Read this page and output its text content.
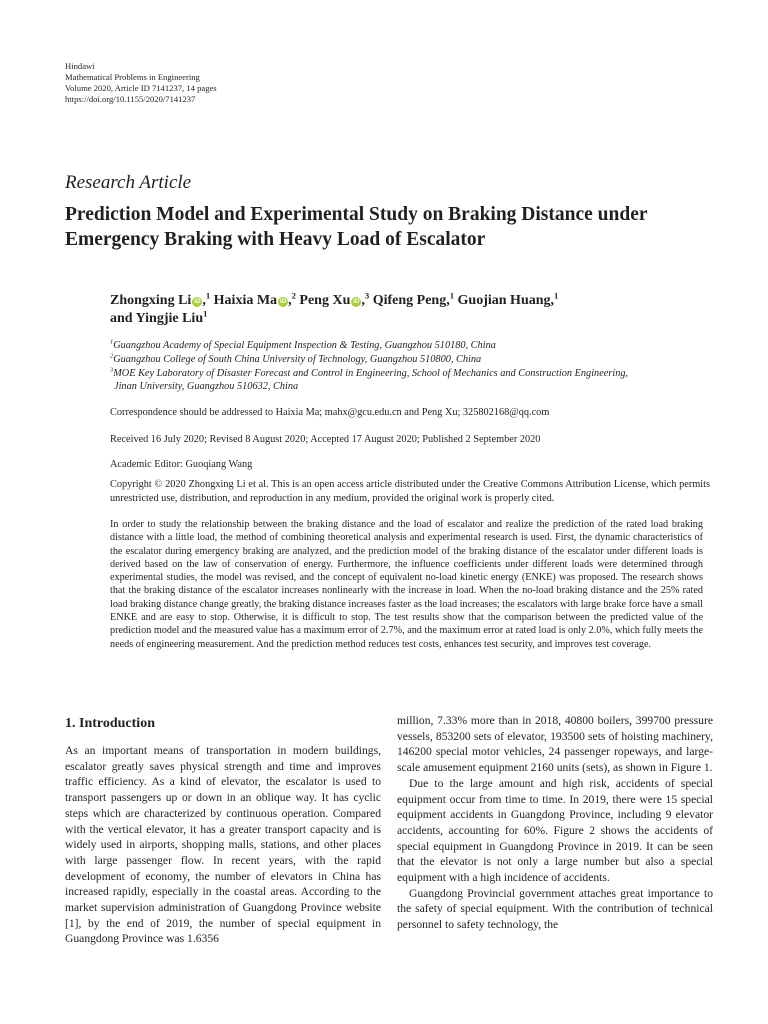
Hindawi
Mathematical Problems in Engineering
Volume 2020, Article ID 7141237, 14 pages
https://doi.org/10.1155/2020/7141237
Research Article
Prediction Model and Experimental Study on Braking Distance under Emergency Braking with Heavy Load of Escalator
Zhongxing Li iD ,$^1$ Haixia Ma iD ,$^2$ Peng Xu iD ,$^3$ Qifeng Peng,$^1$ Guojian Huang,$^1$
and Yingjie Liu$^1$
$^1$Guangzhou Academy of Special Equipment Inspection & Testing, Guangzhou 510180, China
$^2$Guangzhou College of South China University of Technology, Guangzhou 510800, China
$^3$MOE Key Laboratory of Disaster Forecast and Control in Engineering, School of Mechanics and Construction Engineering,
Jinan University, Guangzhou 510632, China
Correspondence should be addressed to Haixia Ma; mahx@gcu.edu.cn and Peng Xu; 325802168@qq.com
Received 16 July 2020; Revised 8 August 2020; Accepted 17 August 2020; Published 2 September 2020
Academic Editor: Guoqiang Wang
Copyright © 2020 Zhongxing Li et al. This is an open access article distributed under the Creative Commons Attribution License, which permits unrestricted use, distribution, and reproduction in any medium, provided the original work is properly cited.
In order to study the relationship between the braking distance and the load of escalator and realize the prediction of the rated load braking distance with a little load, the method of combining theoretical analysis and experimental research is used. First, the dynamic characteristics of the escalator during emergency braking are analyzed, and the prediction model of the braking distance of the escalator under different loads is derived based on the law of conservation of energy. Furthermore, the influence coefficients under different loads were determined through experimental studies, the model was revised, and the concept of equivalent no-load kinetic energy (ENKE) was proposed. The research shows that the braking distance of the escalator increases nonlinearly with the increase in load. When the no-load braking distance and the 25% rated load braking distance change greatly, the braking distance increases faster as the load increases; the escalators with large brake force have a small ENKE and are easy to stop. Otherwise, it is difficult to stop. The test results show that the comparison between the predicted value of the prediction model and the measured value has a maximum error of 2.7%, and the maximum error at rated load is only 2.0%, which fully meets the needs of engineering measurement. And the prediction method reduces test costs, enhances test security, and improves test coverage.
1. Introduction

As an important means of transportation in modern buildings, escalator greatly saves physical strength and time and improves traffic efficiency. As a kind of elevator, the escalator is used to transport passengers up or down in an oblique way. It has cyclic steps which are characterized by continuous operation. Compared with the vertical elevator, it has a greater transport capacity and is widely used in airports, shopping malls, stations, and other places with large passenger flow. In recent years, with the rapid development of economy, the number of elevators in China has increased rapidly, especially in the coastal areas. According to the market supervision administration of Guangdong Province website [1], by the end of 2019, the number of special equipment in Guangdong Province was 1.6356

million, 7.33% more than in 2018, 40800 boilers, 399700 pressure vessels, 853200 sets of elevator, 193500 sets of hoisting machinery, 146200 special motor vehicles, 24 passenger ropeways, and large-scale amusement equipment 2160 units (sets), as shown in Figure 1.

Due to the large amount and high risk, accidents of special equipment occur from time to time. In 2019, there were 15 special equipment accidents in Guangdong Province, including 9 elevator accidents, accounting for 60%. Figure 2 shows the accidents of special equipment in Guangdong Province in 2019. It can be seen that the elevator is not only a large number but also a special equipment with a high incidence of accidents.

Guangdong Provincial government attaches great importance to the safety of special equipment. With the contribution of technical personnel to safety technology, the
